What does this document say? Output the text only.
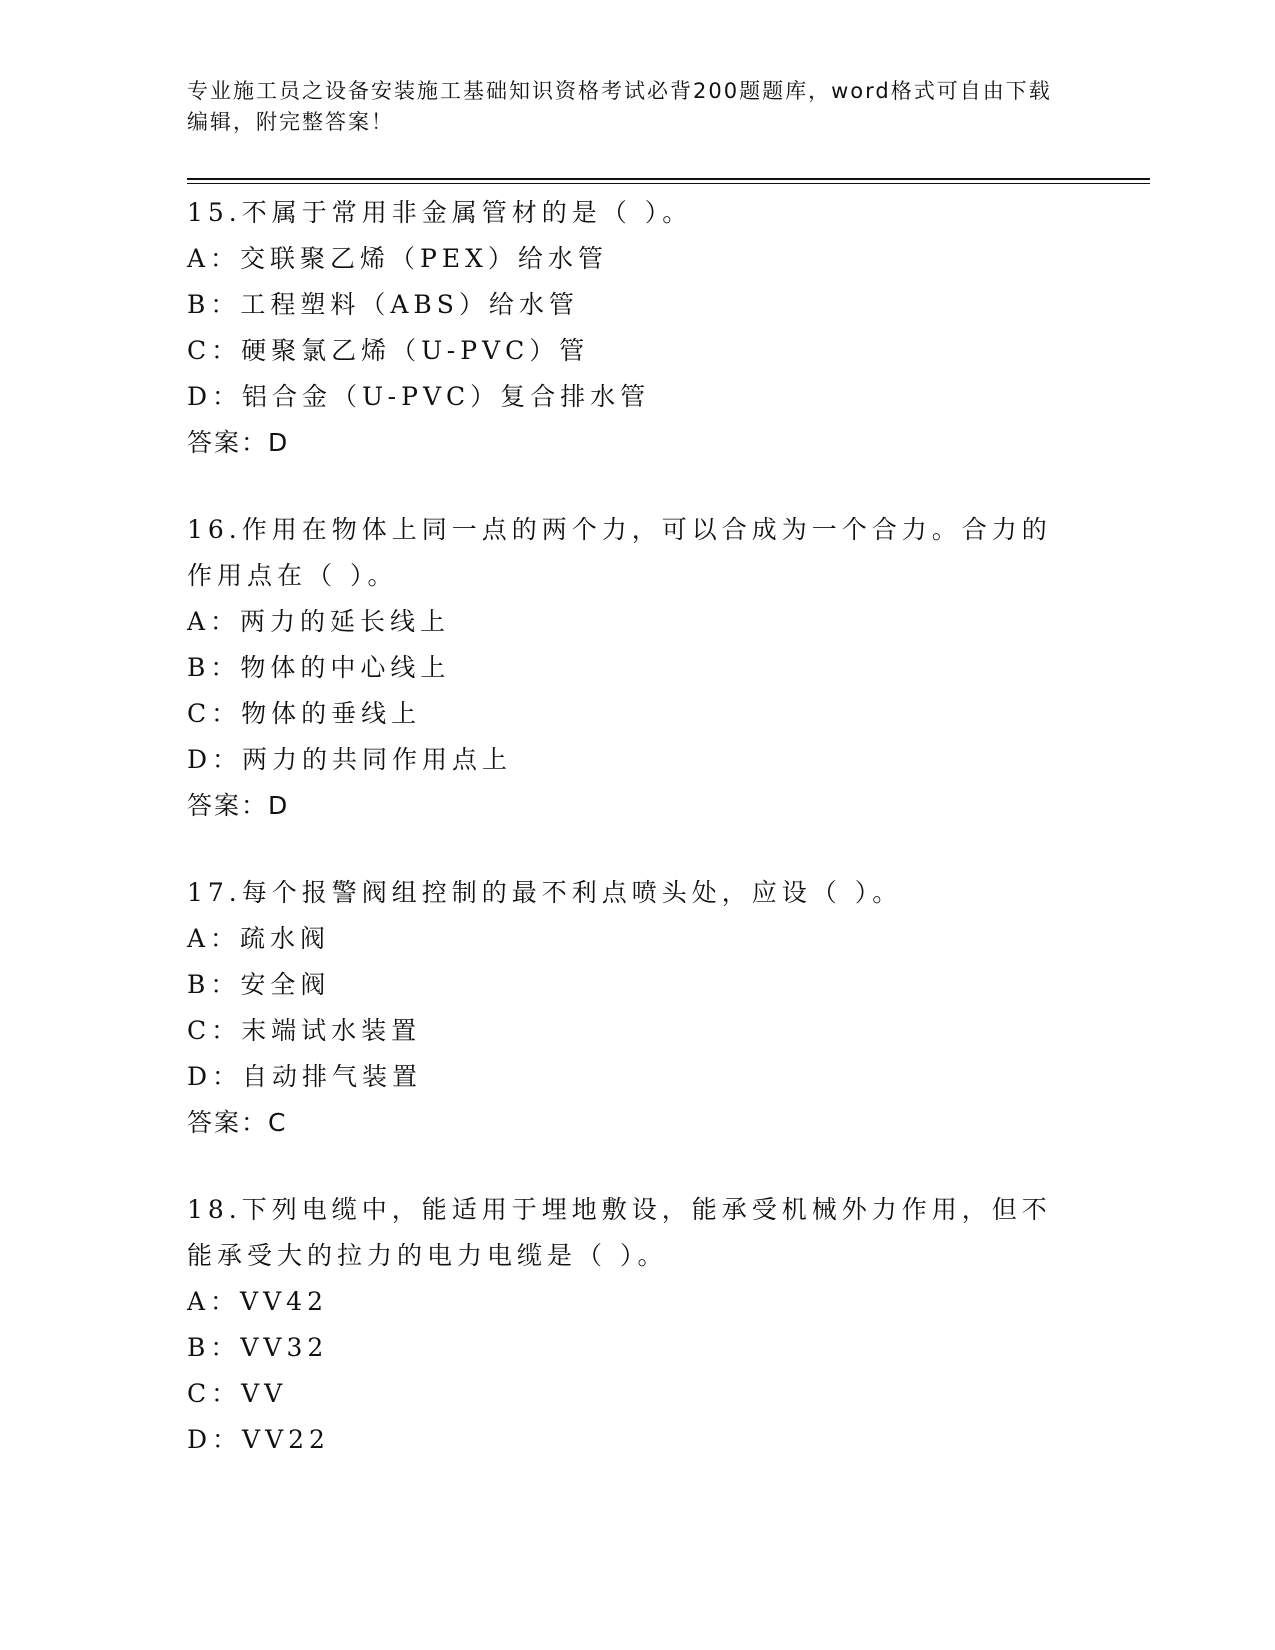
专业施工员之设备安装施工基础知识资格考试必背200题题库，word格式可自由下载编辑，附完整答案！
15.不属于常用非金属管材的是（ ）。
A：交联聚乙烯（PEX）给水管
B：工程塑料（ABS）给水管
C：硬聚氯乙烯（U-PVC）管
D：铝合金（U-PVC）复合排水管
答案：D
16.作用在物体上同一点的两个力，可以合成为一个合力。合力的作用点在（ ）。
A：两力的延长线上
B：物体的中心线上
C：物体的垂线上
D：两力的共同作用点上
答案：D
17.每个报警阀组控制的最不利点喷头处，应设（ ）。
A：疏水阀
B：安全阀
C：末端试水装置
D：自动排气装置
答案：C
18.下列电缆中，能适用于埋地敷设，能承受机械外力作用，但不能承受大的拉力的电力电缆是（ ）。
A：VV42
B：VV32
C：VV
D：VV22
